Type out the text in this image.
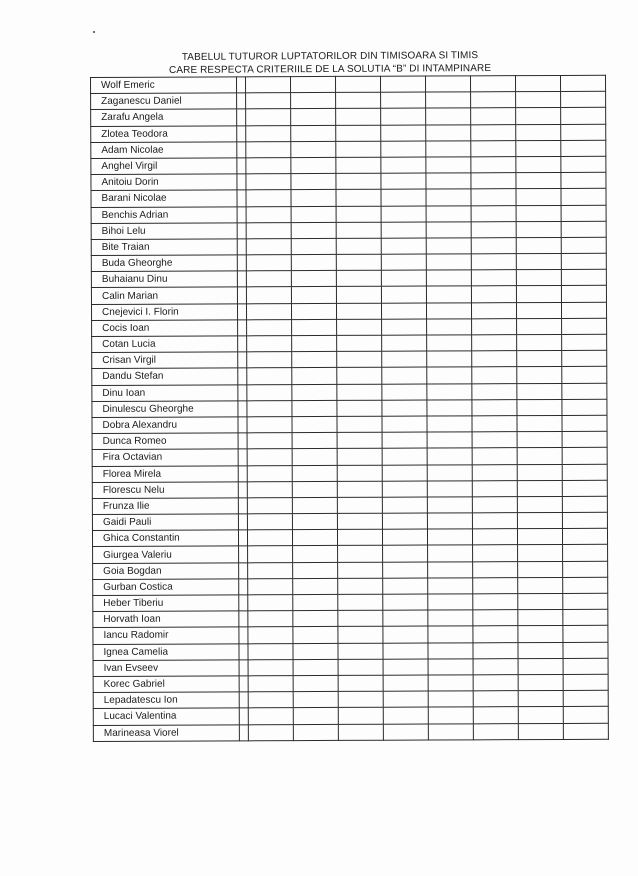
TABELUL TUTUROR LUPTATORILOR DIN TIMISOARA SI TIMIS
CARE RESPECTA CRITERIILE DE LA SOLUTIA “B” DI INTAMPINARE
Wolf Emeric									
Zaganescu Daniel									
Zarafu Angela									
Zlotea Teodora									
Adam Nicolae									
Anghel Virgil									
Anitoiu Dorin									
Barani Nicolae									
Benchis Adrian									
Bihoi Lelu									
Bite Traian									
Buda Gheorghe									
Buhaianu Dinu									
Calin Marian									
Cnejevici I. Florin									
Cocis Ioan									
Cotan Lucia									
Crisan Virgil									
Dandu Stefan									
Dinu Ioan									
Dinulescu Gheorghe									
Dobra Alexandru									
Dunca Romeo									
Fira Octavian									
Florea Mirela									
Florescu Nelu									
Frunza Ilie									
Gaidi Pauli									
Ghica Constantin									
Giurgea Valeriu									
Goia Bogdan									
Gurban Costica									
Heber Tiberiu									
Horvath Ioan									
Iancu Radomir									
Ignea Camelia									
Ivan Evseev									
Korec Gabriel									
Lepadatescu Ion									
Lucaci Valentina									
Marineasa Viorel									
